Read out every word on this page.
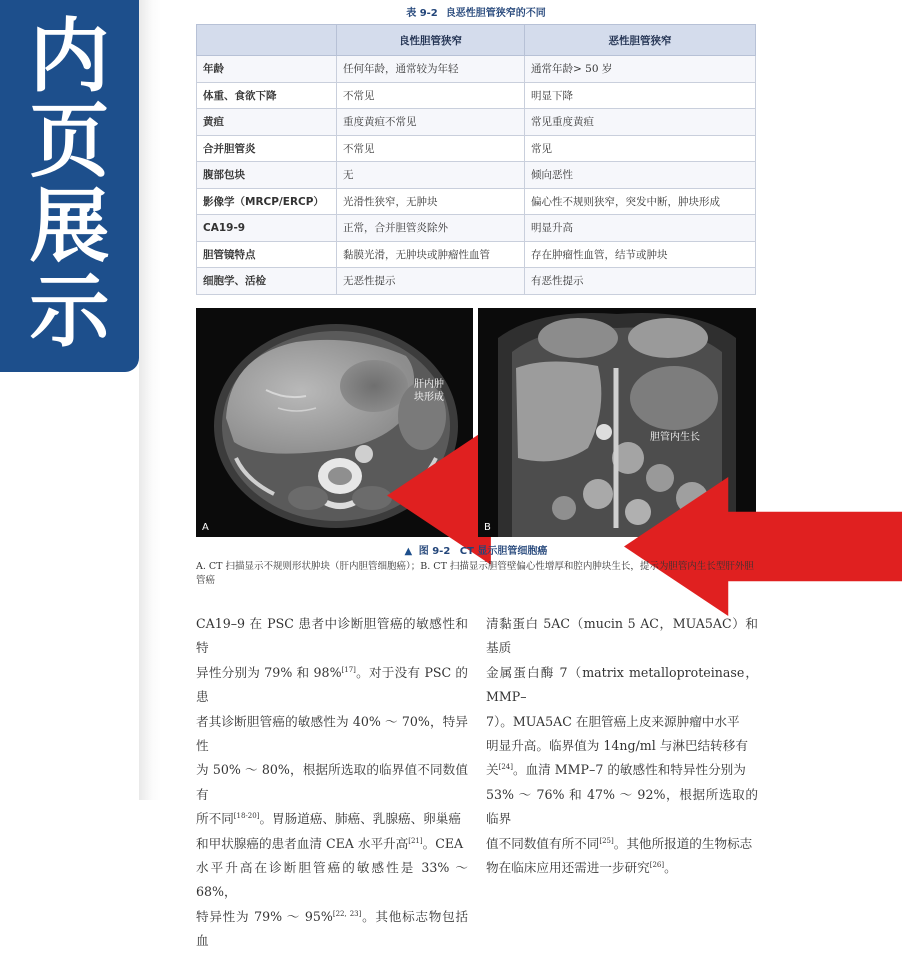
内
页
展
示
表 9-2 良恶性胆管狭窄的不同
	良性胆管狭窄	恶性胆管狭窄
年龄	任何年龄，通常较为年轻	通常年龄> 50 岁
体重、食欲下降	不常见	明显下降
黄疸	重度黄疸不常见	常见重度黄疸
合并胆管炎	不常见	常见
腹部包块	无	倾向恶性
影像学（MRCP/ERCP）	光滑性狭窄，无肿块	偏心性不规则狭窄，突发中断，肿块形成
CA19-9	正常，合并胆管炎除外	明显升高
胆管镜特点	黏膜光滑，无肿块或肿瘤性血管	存在肿瘤性血管，结节或肿块
细胞学、活检	无恶性提示	有恶性提示
肝内肿
块形成
A
胆管内生长
B
▲ 图 9-2 CT 显示胆管细胞癌
A. CT 扫描显示不规则形状肿块（肝内胆管细胞癌）；B. CT 扫描显示胆管壁偏心性增厚和腔内肿块生长，提示为胆管内生长型肝外胆管癌
CA19–9 在 PSC 患者中诊断胆管癌的敏感性和特
异性分别为 79% 和 98%[17]。对于没有 PSC 的患
者其诊断胆管癌的敏感性为 40% ～ 70%，特异性
为 50% ～ 80%，根据所选取的临界值不同数值有
所不同[18-20]。胃肠道癌、肺癌、乳腺癌、卵巢癌
和甲状腺癌的患者血清 CEA 水平升高[21]。CEA
水平升高在诊断胆管癌的敏感性是 33% ～ 68%，
特异性为 79% ～ 95%[22, 23]。其他标志物包括血
清黏蛋白 5AC（mucin 5 AC，MUA5AC）和基质
金属蛋白酶 7（matrix metalloproteinase，MMP–
7）。MUA5AC 在胆管癌上皮来源肿瘤中水平
明显升高。临界值为 14ng/ml 与淋巴结转移有
关[24]。血清 MMP–7 的敏感性和特异性分别为
53% ～ 76% 和 47% ～ 92%，根据所选取的临界
值不同数值有所不同[25]。其他所报道的生物标志
物在临床应用还需进一步研究[26]。
